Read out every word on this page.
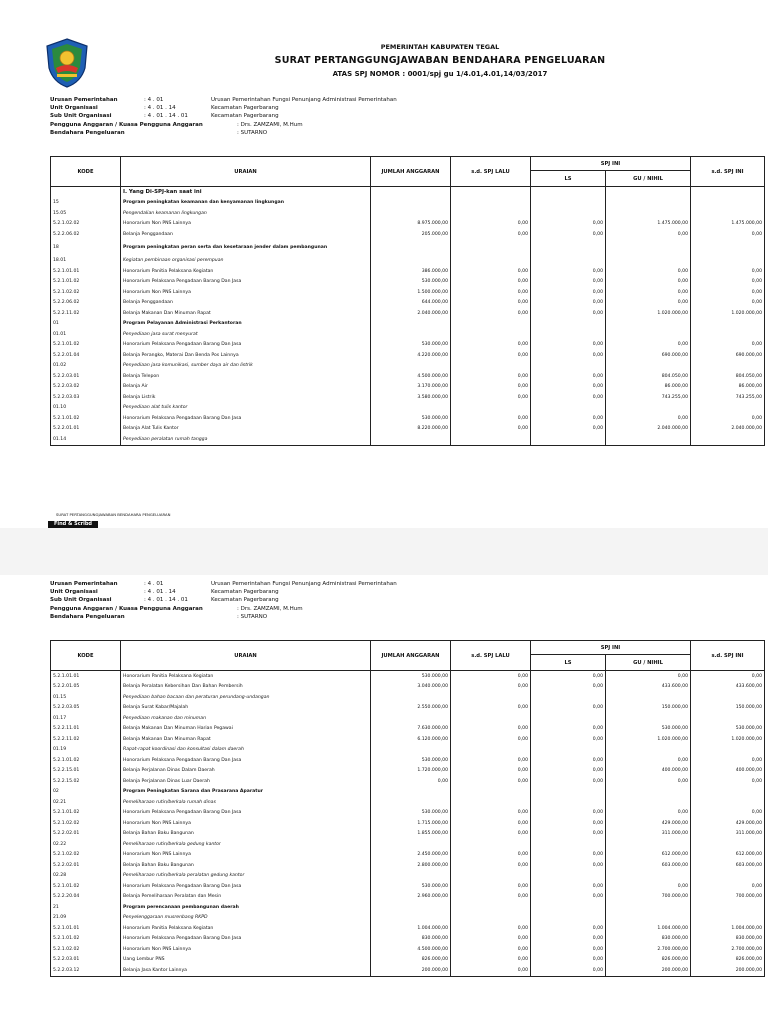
PEMERINTAH KABUPATEN TEGAL
SURAT PERTANGGUNGJAWABAN BENDAHARA PENGELUARAN
ATAS SPJ NOMOR : 0001/spj gu 1/4.01,4.01,14/03/2017
Urusan Pemerintahan	: 4 . 01	Urusan Pemerintahan Fungsi Penunjang Administrasi Pemerintahan
Unit Organisasi	: 4 . 01 . 14	Kecamatan Pagerbarang
Sub Unit Organisasi	: 4 . 01 . 14 . 01	Kecamatan Pagerbarang
Pengguna Anggaran / Kuasa Pengguna Anggaran	: Drs. ZAMZAMI, M.Hum
Bendahara Pengeluaran	: SUTARNO
KODE	URAIAN	JUMLAH ANGGARAN	s.d. SPJ LALU	SPJ INI		s.d. SPJ INI
				LS	GU / NIHIL	
	I. Yang Di-SPJ-kan saat ini					
15	Program peningkatan keamanan dan kenyamanan lingkungan					
15.05	Pengendalian keamanan lingkungan					
5.2.1.02.02	Honorarium Non PNS Lainnya	8.975.000,00	0,00	0,00	1.475.000,00	1.475.000,00
5.2.2.06.02	Belanja Penggandaan	205.000,00	0,00	0,00	0,00	0,00
18	Program peningkatan peran serta dan kesetaraan jender dalam pembangunan					
18.01	Kegiatan pembinaan organisasi perempuan					
5.2.1.01.01	Honorarium Panitia Pelaksana Kegiatan	386.000,00	0,00	0,00	0,00	0,00
5.2.1.01.02	Honorarium Pelaksana Pengadaan Barang Dan Jasa	530.000,00	0,00	0,00	0,00	0,00
5.2.1.02.02	Honorarium Non PNS Lainnya	1.500.000,00	0,00	0,00	0,00	0,00
5.2.2.06.02	Belanja Penggandaan	644.000,00	0,00	0,00	0,00	0,00
5.2.2.11.02	Belanja Makanan Dan Minuman Rapat	2.040.000,00	0,00	0,00	1.020.000,00	1.020.000,00
01	Program Pelayanan Administrasi Perkantoran					
01.01	Penyediaan jasa surat menyurat					
5.2.1.01.02	Honorarium Pelaksana Pengadaan Barang Dan Jasa	530.000,00	0,00	0,00	0,00	0,00
5.2.2.01.04	Belanja Perangko, Materai Dan Benda Pos Lainnya	4.220.000,00	0,00	0,00	690.000,00	690.000,00
01.02	Penyediaan jasa komunikasi, sumber daya air dan listrik					
5.2.2.03.01	Belanja Telepon	4.500.000,00	0,00	0,00	804.050,00	804.050,00
5.2.2.03.02	Belanja Air	3.170.000,00	0,00	0,00	86.000,00	86.000,00
5.2.2.03.03	Belanja Listrik	3.580.000,00	0,00	0,00	743.255,00	743.255,00
01.10	Penyediaan alat tulis kantor					
5.2.1.01.02	Honorarium Pelaksana Pengadaan Barang Dan Jasa	530.000,00	0,00	0,00	0,00	0,00
5.2.2.01.01	Belanja Alat Tulis Kantor	8.220.000,00	0,00	0,00	2.040.000,00	2.040.000,00
01.14	Penyediaan peralatan rumah tangga					
SURAT PERTANGGUNGJAWABAN BENDAHARA PENGELUARAN
Find & Scribd
Urusan Pemerintahan	: 4 . 01	Urusan Pemerintahan Fungsi Penunjang Administrasi Pemerintahan
Unit Organisasi	: 4 . 01 . 14	Kecamatan Pagerbarang
Sub Unit Organisasi	: 4 . 01 . 14 . 01	Kecamatan Pagerbarang
Pengguna Anggaran / Kuasa Pengguna Anggaran	: Drs. ZAMZAMI, M.Hum
Bendahara Pengeluaran	: SUTARNO
KODE	URAIAN	JUMLAH ANGGARAN	s.d. SPJ LALU	SPJ INI		s.d. SPJ INI
				LS	GU / NIHIL	
5.2.1.01.01	Honorarium Panitia Pelaksana Kegiatan	530.000,00	0,00	0,00	0,00	0,00
5.2.2.01.05	Belanja Peralatan Kebersihan Dan Bahan Pembersih	3.040.000,00	0,00	0,00	433.600,00	433.600,00
01.15	Penyediaan bahan bacaan dan peraturan perundang-undangan					
5.2.2.03.05	Belanja Surat Kabar/Majalah	2.550.000,00	0,00	0,00	150.000,00	150.000,00
01.17	Penyediaan makanan dan minuman					
5.2.2.11.01	Belanja Makanan Dan Minuman Harian Pegawai	7.630.000,00	0,00	0,00	530.000,00	530.000,00
5.2.2.11.02	Belanja Makanan Dan Minuman Rapat	6.120.000,00	0,00	0,00	1.020.000,00	1.020.000,00
01.19	Rapat-rapat koordinasi dan konsultasi dalam daerah					
5.2.1.01.02	Honorarium Pelaksana Pengadaan Barang Dan Jasa	530.000,00	0,00	0,00	0,00	0,00
5.2.2.15.01	Belanja Perjalanan Dinas Dalam Daerah	1.720.000,00	0,00	0,00	400.000,00	400.000,00
5.2.2.15.02	Belanja Perjalanan Dinas Luar Daerah	0,00	0,00	0,00	0,00	0,00
02	Program Peningkatan Sarana dan Prasarana Aparatur					
02.21	Pemeliharaan rutin/berkala rumah dinas					
5.2.1.01.02	Honorarium Pelaksana Pengadaan Barang Dan Jasa	530.000,00	0,00	0,00	0,00	0,00
5.2.1.02.02	Honorarium Non PNS Lainnya	1.715.000,00	0,00	0,00	429.000,00	429.000,00
5.2.2.02.01	Belanja Bahan Baku Bangunan	1.855.000,00	0,00	0,00	311.000,00	311.000,00
02.22	Pemeliharaan rutin/berkala gedung kantor					
5.2.1.02.02	Honorarium Non PNS Lainnya	2.450.000,00	0,00	0,00	612.000,00	612.000,00
5.2.2.02.01	Belanja Bahan Baku Bangunan	2.800.000,00	0,00	0,00	603.000,00	603.000,00
02.28	Pemeliharaan rutin/berkala peralatan gedung kantor					
5.2.1.01.02	Honorarium Pelaksana Pengadaan Barang Dan Jasa	530.000,00	0,00	0,00	0,00	0,00
5.2.2.20.04	Belanja Pemeliharaan Peralatan dan Mesin	2.960.000,00	0,00	0,00	700.000,00	700.000,00
21	Program perencanaan pembangunan daerah					
21.09	Penyelenggaraan musrenbang RKPD					
5.2.1.01.01	Honorarium Panitia Pelaksana Kegiatan	1.004.000,00	0,00	0,00	1.004.000,00	1.004.000,00
5.2.1.01.02	Honorarium Pelaksana Pengadaan Barang Dan Jasa	830.000,00	0,00	0,00	830.000,00	830.000,00
5.2.1.02.02	Honorarium Non PNS Lainnya	4.500.000,00	0,00	0,00	2.700.000,00	2.700.000,00
5.2.2.03.01	Uang Lembur PNS	826.000,00	0,00	0,00	826.000,00	826.000,00
5.2.2.03.12	Belanja Jasa Kantor Lainnya	200.000,00	0,00	0,00	200.000,00	200.000,00
